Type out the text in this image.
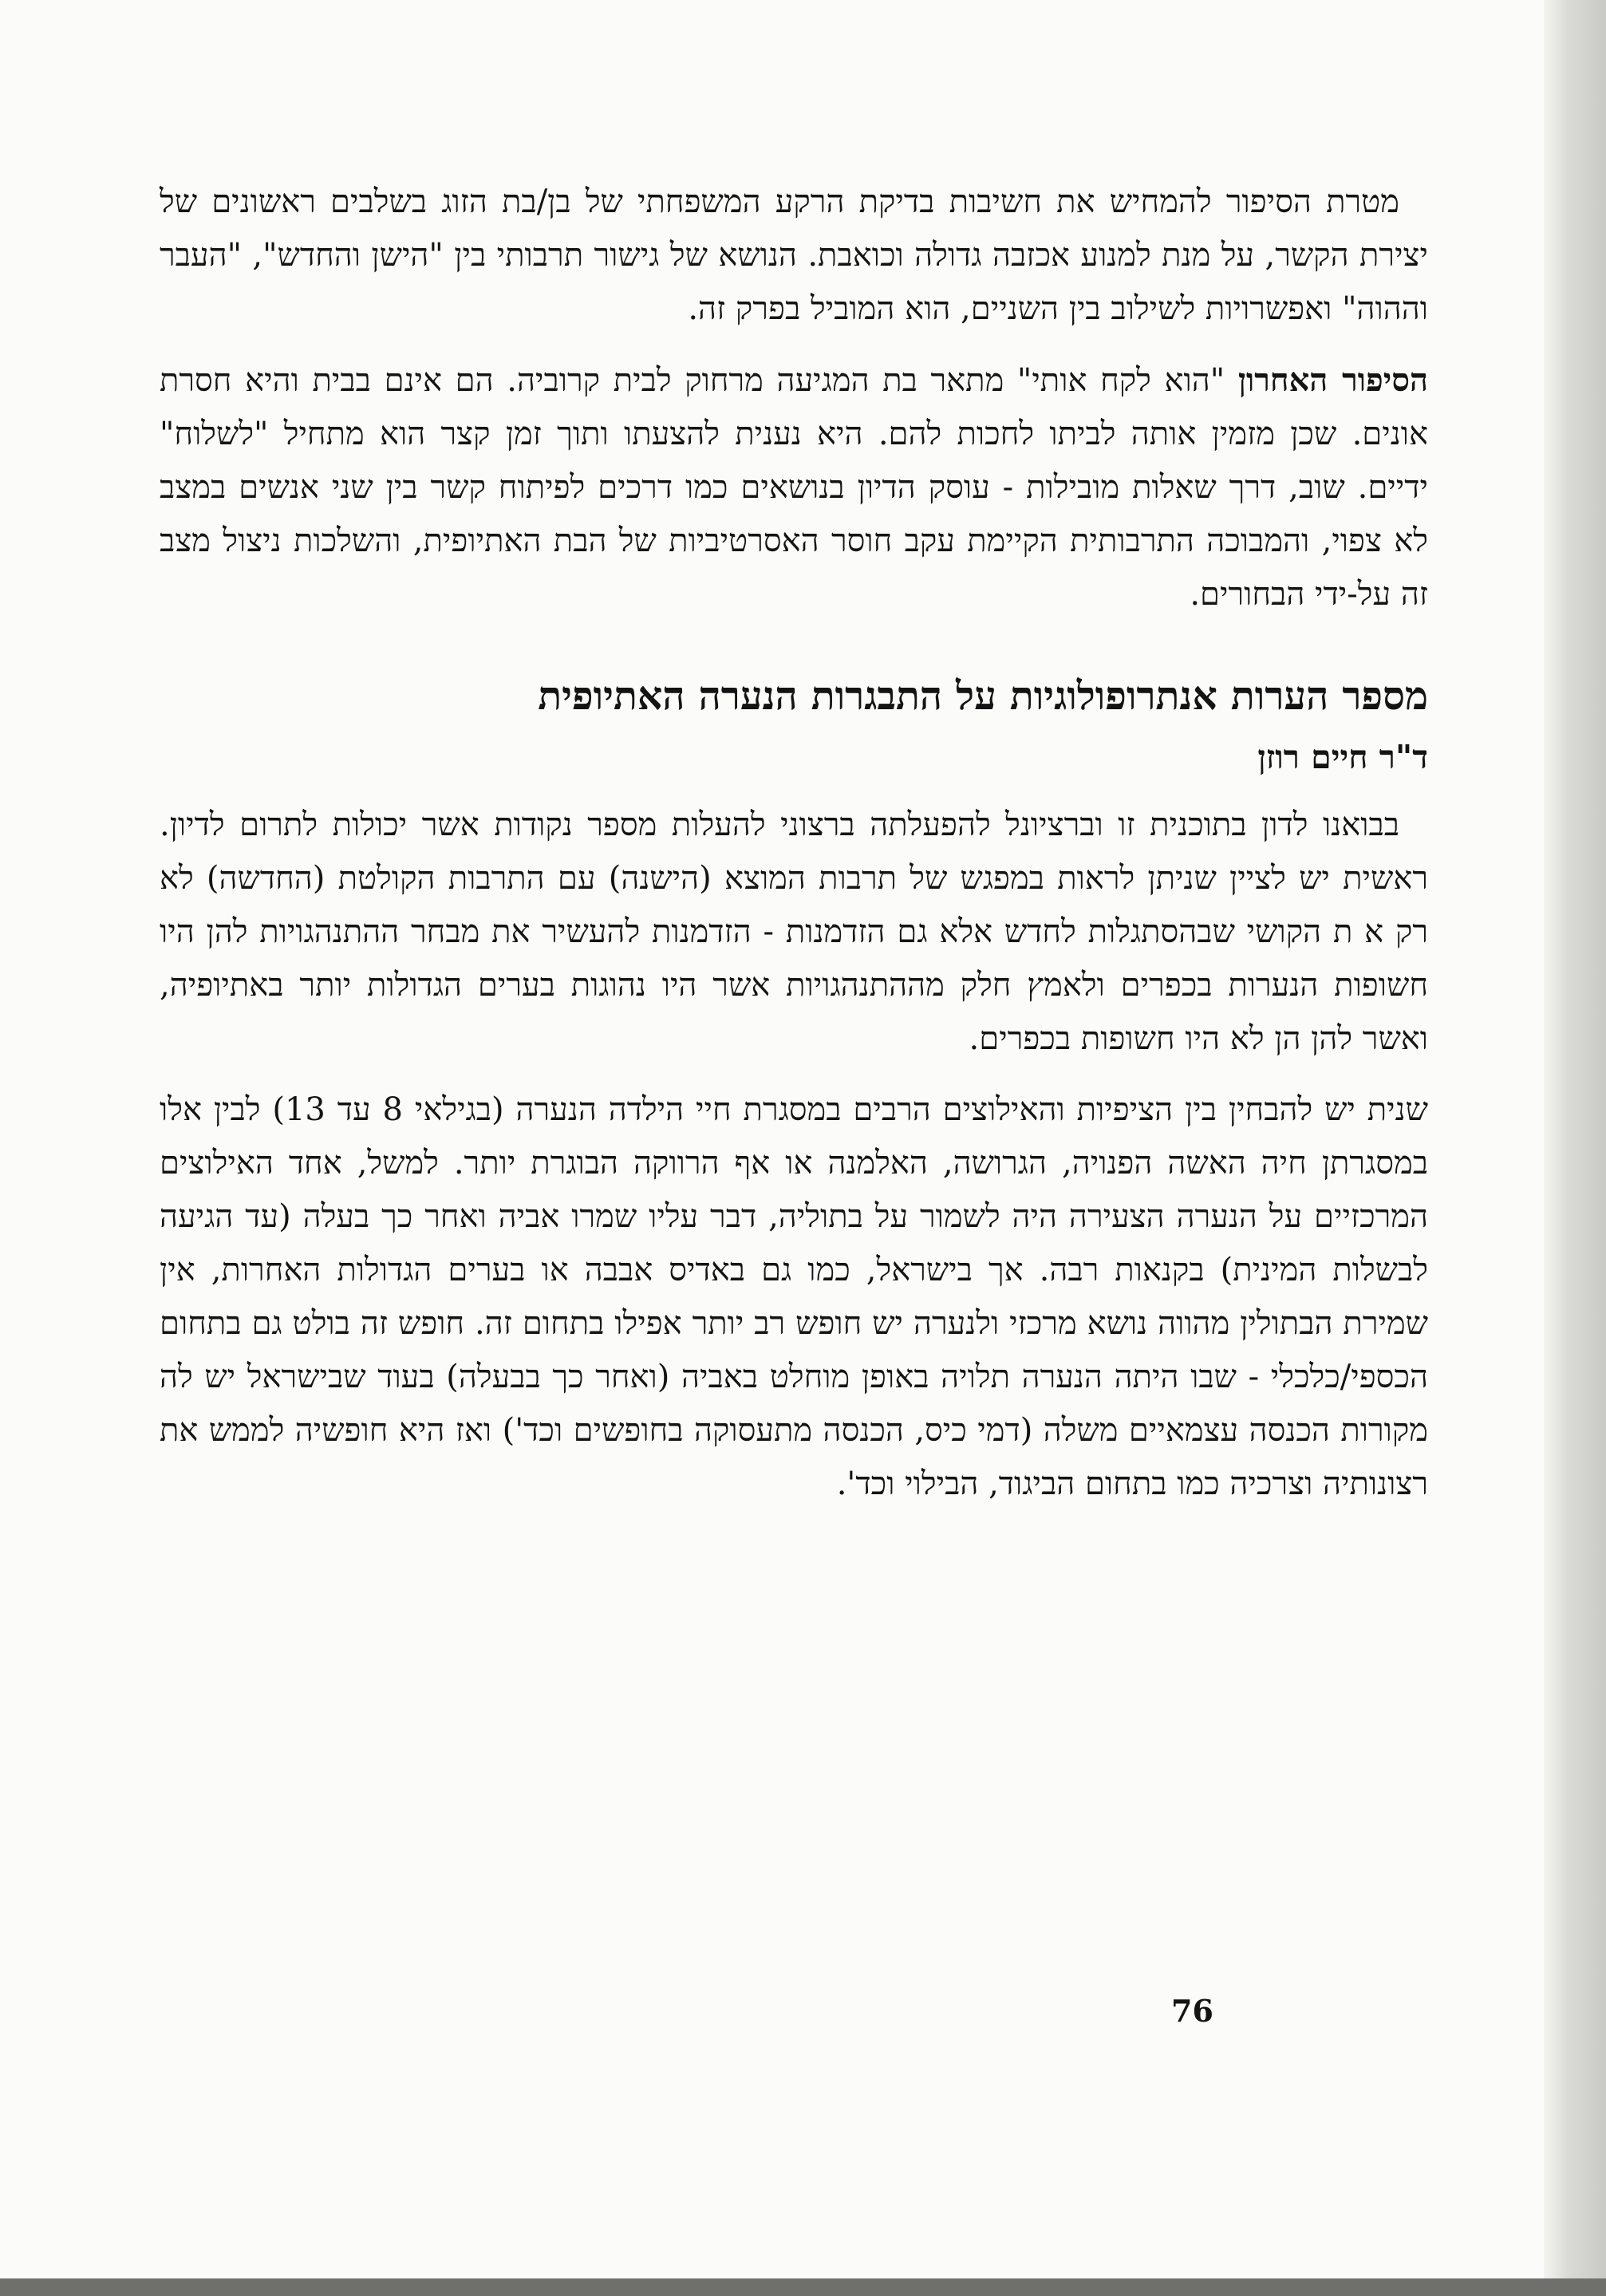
מטרת הסיפור להמחיש את חשיבות בדיקת הרקע המשפחתי של בן/בת הזוג בשלבים ראשונים של יצירת הקשר, על מנת למנוע אכזבה גדולה וכואבת. הנושא של גישור תרבותי בין "הישן והחדש", "העבר וההוה" ואפשרויות לשילוב בין השניים, הוא המוביל בפרק זה.

הסיפור האחרון "הוא לקח אותי" מתאר בת המגיעה מרחוק לבית קרוביה. הם אינם בבית והיא חסרת אונים. שכן מזמין אותה לביתו לחכות להם. היא נענית להצעתו ותוך זמן קצר הוא מתחיל "לשלוח" ידיים. שוב, דרך שאלות מובילות - עוסק הדיון בנושאים כמו דרכים לפיתוח קשר בין שני אנשים במצב לא צפוי, והמבוכה התרבותית הקיימת עקב חוסר האסרטיביות של הבת האתיופית, והשלכות ניצול מצב זה על-ידי הבחורים.

מספר הערות אנתרופולוגיות על התבגרות הנערה האתיופית
ד"ר חיים רוזן

בבואנו לדון בתוכנית זו וברציונל להפעלתה ברצוני להעלות מספר נקודות אשר יכולות לתרום לדיון. ראשית יש לציין שניתן לראות במפגש של תרבות המוצא (הישנה) עם התרבות הקולטת (החדשה) לא רק א ת הקושי שבהסתגלות לחדש אלא גם הזדמנות - הזדמנות להעשיר את מבחר ההתנהגויות להן היו חשופות הנערות בכפרים ולאמץ חלק מההתנהגויות אשר היו נהוגות בערים הגדולות יותר באתיופיה, ואשר להן הן לא היו חשופות בכפרים.

שנית יש להבחין בין הציפיות והאילוצים הרבים במסגרת חיי הילדה הנערה (בגילאי 8 עד 13) לבין אלו במסגרתן חיה האשה הפנויה, הגרושה, האלמנה או אף הרווקה הבוגרת יותר. למשל, אחד האילוצים המרכזיים על הנערה הצעירה היה לשמור על בתוליה, דבר עליו שמרו אביה ואחר כך בעלה (עד הגיעה לבשלות המינית) בקנאות רבה. אך בישראל, כמו גם באדיס אבבה או בערים הגדולות האחרות, אין שמירת הבתולין מהווה נושא מרכזי ולנערה יש חופש רב יותר אפילו בתחום זה. חופש זה בולט גם בתחום הכספי/כלכלי - שבו היתה הנערה תלויה באופן מוחלט באביה (ואחר כך בבעלה) בעוד שבישראל יש לה מקורות הכנסה עצמאיים משלה (דמי כיס, הכנסה מתעסוקה בחופשים וכד') ואז היא חופשיה לממש את רצונותיה וצרכיה כמו בתחום הביגוד, הבילוי וכד'.

76
